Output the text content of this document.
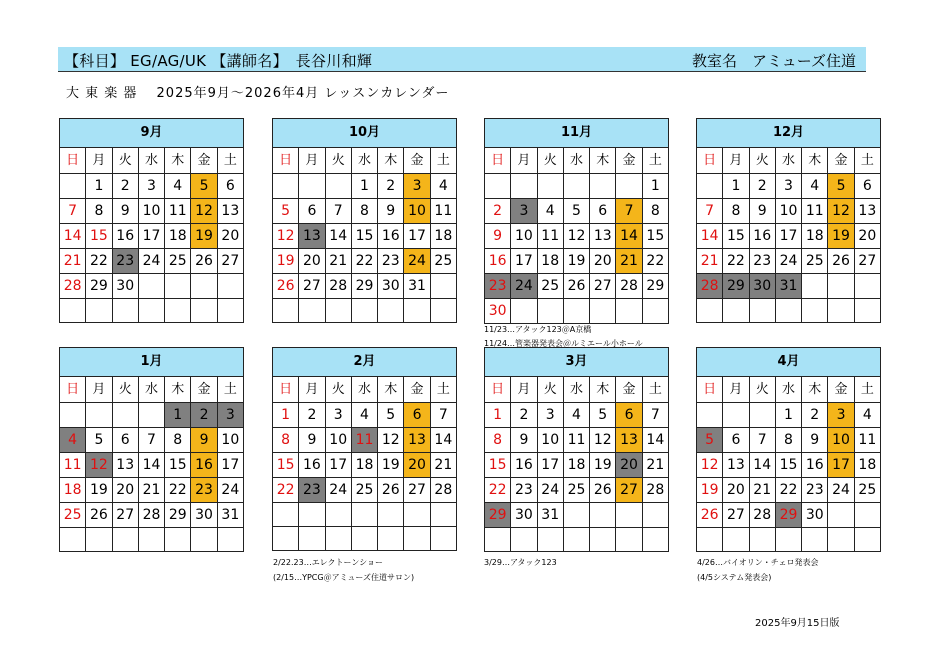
【科目】 EG/AG/UK 【講師名】　長谷川和輝	教室名　アミューズ住道
大 東 楽 器　 2025年9月～2026年4月 レッスンカレンダー
9月						
日	月	火	水	木	金	土
	1	2	3	4	5	6
7	8	9	10	11	12	13
14	15	16	17	18	19	20
21	22	23	24	25	26	27
28	29	30				

10月						
日	月	火	水	木	金	土
			1	2	3	4
5	6	7	8	9	10	11
12	13	14	15	16	17	18
19	20	21	22	23	24	25
26	27	28	29	30	31	

11月						
日	月	火	水	木	金	土
						1
2	3	4	5	6	7	8
9	10	11	12	13	14	15
16	17	18	19	20	21	22
23	24	25	26	27	28	29
30						
12月						
日	月	火	水	木	金	土
	1	2	3	4	5	6
7	8	9	10	11	12	13
14	15	16	17	18	19	20
21	22	23	24	25	26	27
28	29	30	31			

1月						
日	月	火	水	木	金	土
				1	2	3
4	5	6	7	8	9	10
11	12	13	14	15	16	17
18	19	20	21	22	23	24
25	26	27	28	29	30	31

2月						
日	月	火	水	木	金	土
1	2	3	4	5	6	7
8	9	10	11	12	13	14
15	16	17	18	19	20	21
22	23	24	25	26	27	28

3月						
日	月	火	水	木	金	土
1	2	3	4	5	6	7
8	9	10	11	12	13	14
15	16	17	18	19	20	21
22	23	24	25	26	27	28
29	30	31				

4月						
日	月	火	水	木	金	土
			1	2	3	4
5	6	7	8	9	10	11
12	13	14	15	16	17	18
19	20	21	22	23	24	25
26	27	28	29	30		

11/23…アタック123＠A京橋
11/24…管楽器発表会＠ルミエール小ホール
2/22.23…エレクトーンショー
(2/15…YPCG＠アミューズ住道サロン)
3/29…アタック123	4/26…バイオリン・チェロ発表会
(4/5システム発表会)
2025年9月15日版
